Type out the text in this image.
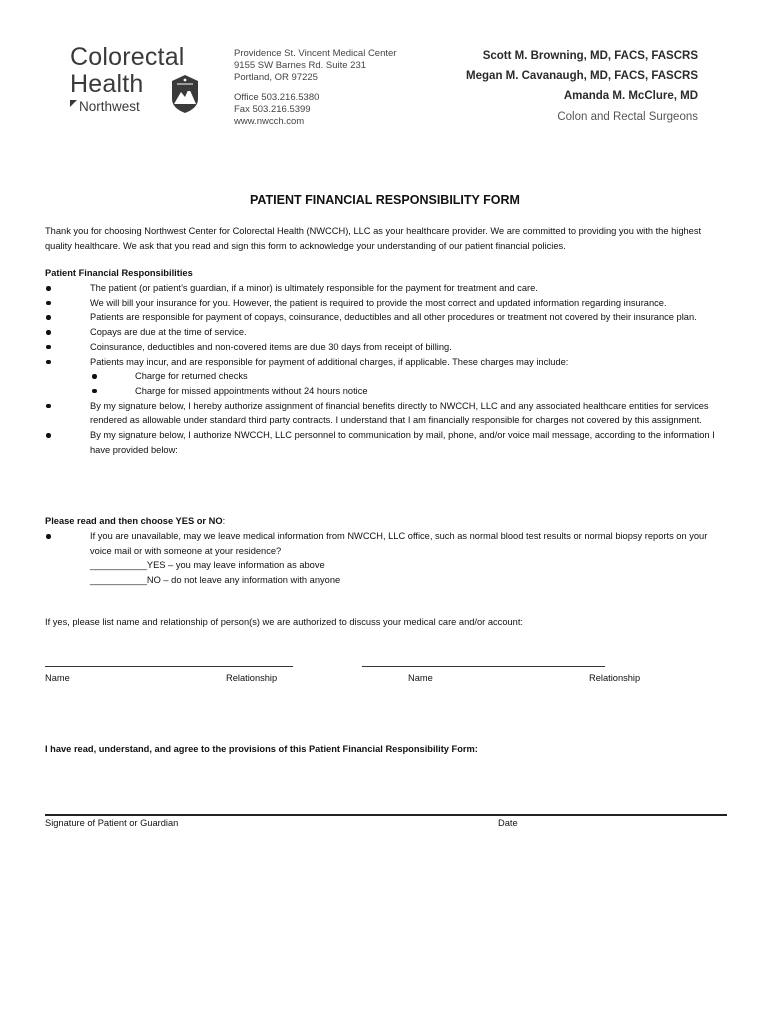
Colorectal
Health
Northwest
Providence St. Vincent Medical Center
9155 SW Barnes Rd. Suite 231
Portland, OR 97225
Office 503.216.5380
Fax 503.216.5399
www.nwcch.com
Scott M. Browning, MD, FACS, FASCRS
Megan M. Cavanaugh, MD, FACS, FASCRS
Amanda M. McClure, MD
Colon and Rectal Surgeons
PATIENT FINANCIAL RESPONSIBILITY FORM
Thank you for choosing Northwest Center for Colorectal Health (NWCCH), LLC as your healthcare provider. We are committed to providing you with the highest quality healthcare. We ask that you read and sign this form to acknowledge your understanding of our patient financial policies.
Patient Financial Responsibilities
The patient (or patient’s guardian, if a minor) is ultimately responsible for the payment for treatment and care.
We will bill your insurance for you. However, the patient is required to provide the most correct and updated information regarding insurance.
Patients are responsible for payment of copays, coinsurance, deductibles and all other procedures or treatment not covered by their insurance plan.
Copays are due at the time of service.
Coinsurance, deductibles and non-covered items are due 30 days from receipt of billing.
Patients may incur, and are responsible for payment of additional charges, if applicable. These charges may include:
Charge for returned checks
Charge for missed appointments without 24 hours notice
By my signature below, I hereby authorize assignment of financial benefits directly to NWCCH, LLC and any associated healthcare entities for services rendered as allowable under standard third party contracts. I understand that I am financially responsible for charges not covered by this assignment.
By my signature below, I authorize NWCCH, LLC personnel to communication by mail, phone, and/or voice mail message, according to the information I have provided below:
Please read and then choose YES or NO:
If you are unavailable, may we leave medical information from NWCCH, LLC office, such as normal blood test results or normal biopsy reports on your voice mail or with someone at your residence?
___________YES – you may leave information as above
___________NO – do not leave any information with anyone
If yes, please list name and relationship of person(s) we are authorized to discuss your medical care and/or account:
Name	Relationship	Name	Relationship
I have read, understand, and agree to the provisions of this Patient Financial Responsibility Form:
Signature of Patient or Guardian	Date
